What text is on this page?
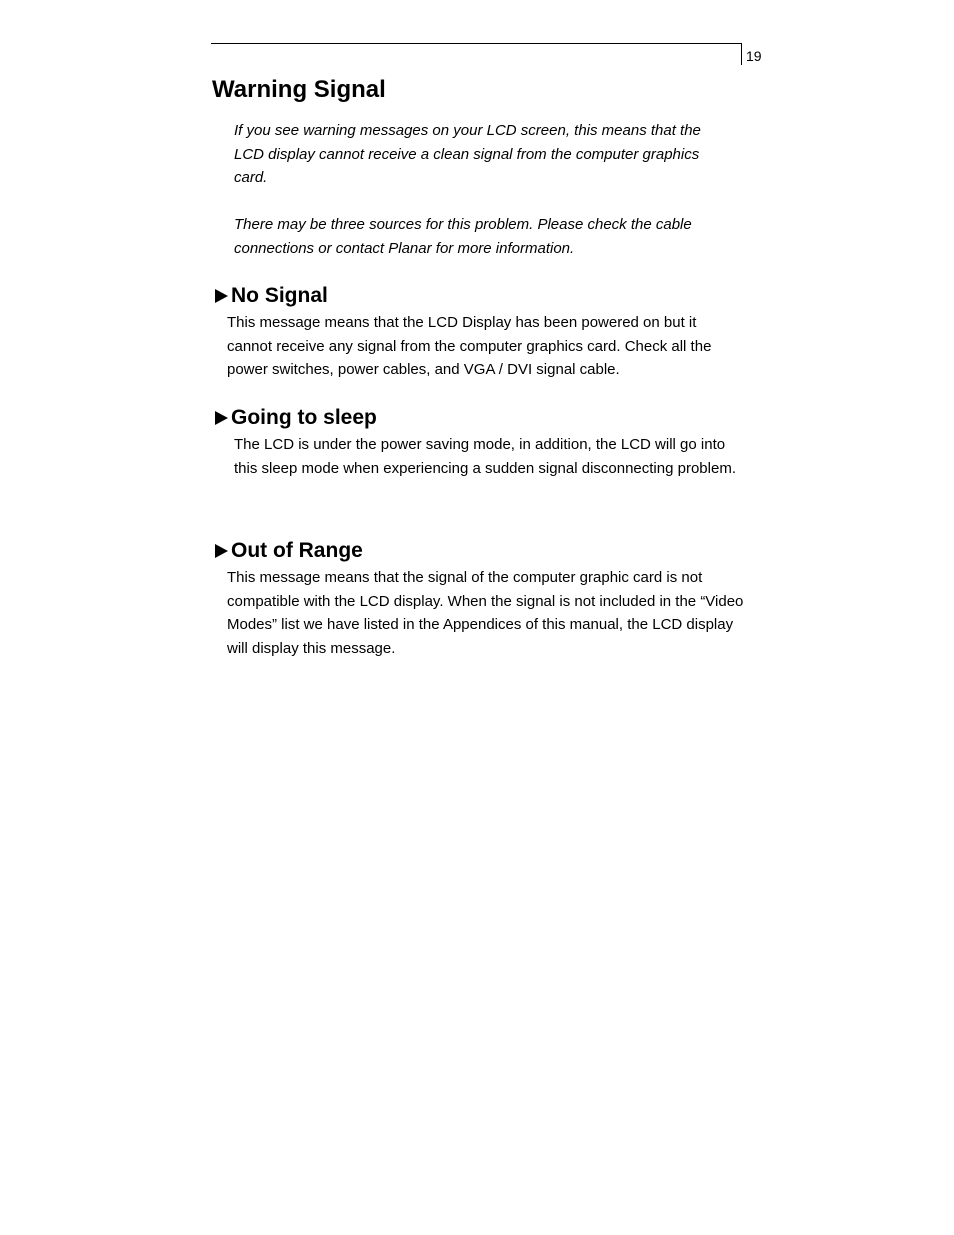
19
Warning Signal

If you see warning messages on your LCD screen, this means that the LCD display cannot receive a clean signal from the computer graphics card.

There may be three sources for this problem. Please check the cable connections or contact Planar for more information.

No Signal

This message means that the LCD Display has been powered on but it cannot receive any signal from the computer graphics card. Check all the power switches, power cables, and VGA / DVI signal cable.

Going to sleep

The LCD is under the power saving mode, in addition, the LCD will go into this sleep mode when experiencing a sudden signal disconnecting problem.

Out of Range

This message means that the signal of the computer graphic card is not compatible with the LCD display. When the signal is not included in the “Video Modes” list we have listed in the Appendices of this manual, the LCD display will display this message.
